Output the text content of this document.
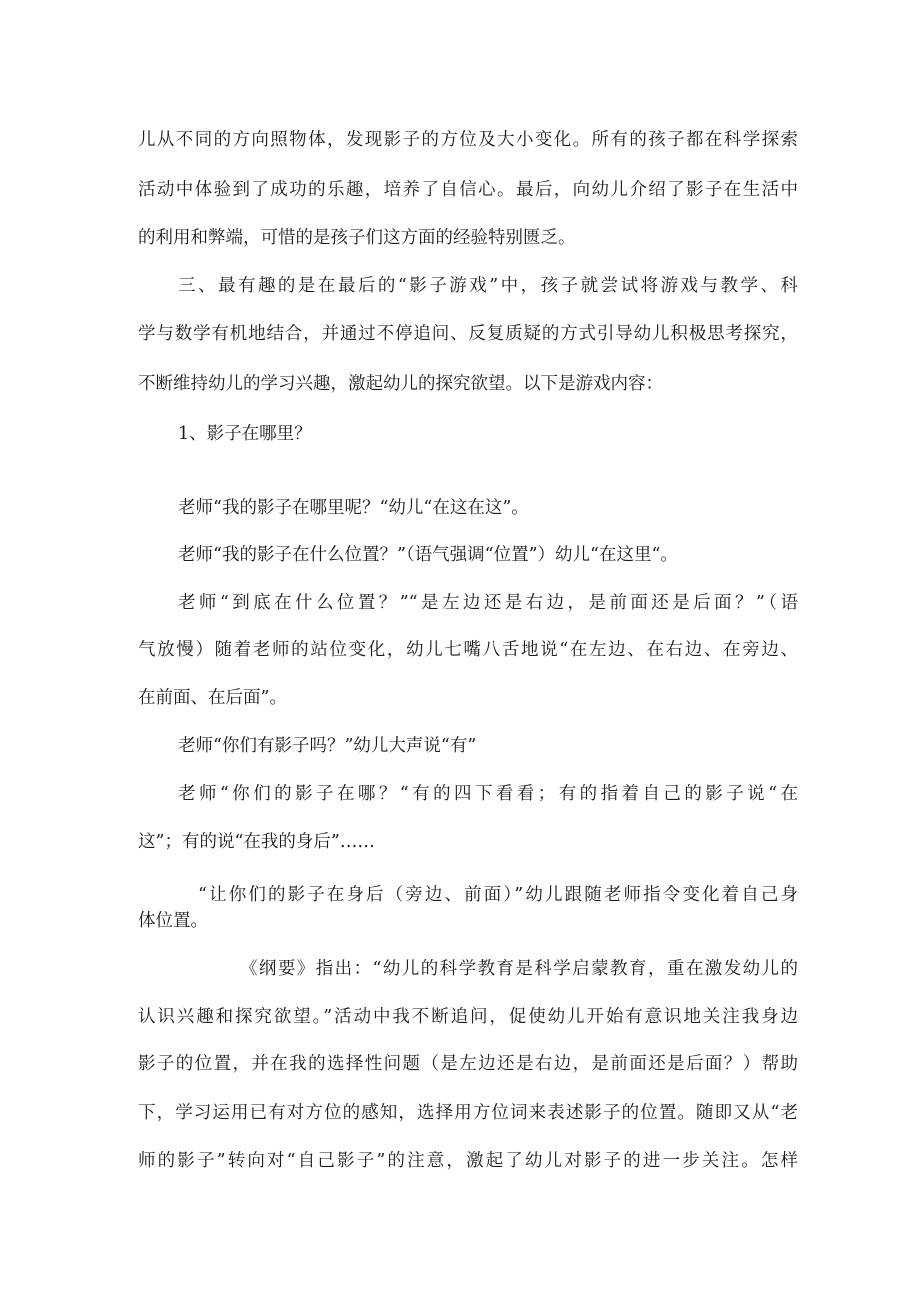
儿从不同的方向照物体，发现影子的方位及大小变化。所有的孩子都在科学探索
活动中体验到了成功的乐趣，培养了自信心。最后，向幼儿介绍了影子在生活中
的利用和弊端，可惜的是孩子们这方面的经验特别匮乏。
三、最有趣的是在最后的“影子游戏”中，孩子就尝试将游戏与教学、科
学与数学有机地结合，并通过不停追问、反复质疑的方式引导幼儿积极思考探究，
不断维持幼儿的学习兴趣，激起幼儿的探究欲望。以下是游戏内容：
1、影子在哪里？
老师“我的影子在哪里呢？“幼儿“在这在这”。
老师“我的影子在什么位置？”（语气强调“位置”）幼儿“在这里“。
老师“到底在什么位置？”“是左边还是右边，是前面还是后面？”（语
气放慢）随着老师的站位变化，幼儿七嘴八舌地说“在左边、在右边、在旁边、
在前面、在后面”。
老师“你们有影子吗？”幼儿大声说“有”
老师“你们的影子在哪？“有的四下看看；有的指着自己的影子说“在
这”；有的说“在我的身后”……
“让你们的影子在身后（旁边、前面）”幼儿跟随老师指令变化着自己身
体位置。
《纲要》指出：“幼儿的科学教育是科学启蒙教育，重在激发幼儿的
认识兴趣和探究欲望。”活动中我不断追问，促使幼儿开始有意识地关注我身边
影子的位置，并在我的选择性问题（是左边还是右边，是前面还是后面？）帮助
下，学习运用已有对方位的感知，选择用方位词来表述影子的位置。随即又从“老
师的影子”转向对“自己影子”的注意，激起了幼儿对影子的进一步关注。怎样
